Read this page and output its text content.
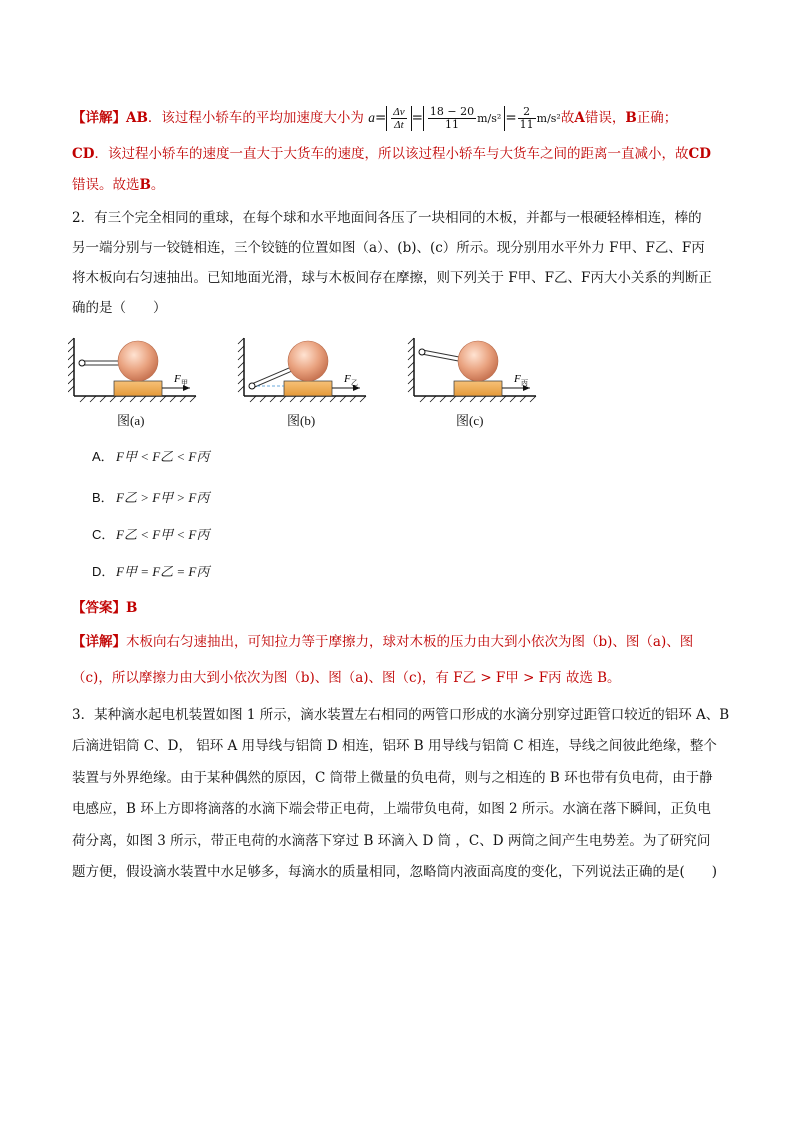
【详解】AB．该过程小轿车的平均加速度大小为 $a= \frac{\Delta v}{\Delta t} = \frac{18 - 20}{11} m/s^2 = \frac{2}{11} m/s^2$故A错误，B正确；
CD．该过程小轿车的速度一直大于大货车的速度，所以该过程小轿车与大货车之间的距离一直减小，故CD
错误。故选B。
2．有三个完全相同的重球，在每个球和水平地面间各压了一块相同的木板，并都与一根硬轻棒相连，棒的
另一端分别与一铰链相连，三个铰链的位置如图（a）、(b)、(c）所示。现分别用水平外力 F甲、F乙、F丙
将木板向右匀速抽出。已知地面光滑，球与木板间存在摩擦，则下列关于 F甲、F乙、F丙大小关系的判断正
确的是（　　）
F 甲	F 乙	F 丙
图(a)	图(b)	图(c)
A． F甲 < F乙 < F丙
B． F乙 > F甲 > F丙
C． F乙 < F甲 < F丙
D． F甲 = F乙 = F丙
【答案】B
【详解】木板向右匀速抽出，可知拉力等于摩擦力，球对木板的压力由大到小依次为图（b)、图（a)、图
（c)，所以摩擦力由大到小依次为图（b)、图（a)、图（c)，有 F乙 > F甲 > F丙 故选 B。
3．某种滴水起电机装置如图 1 所示，滴水装置左右相同的两管口形成的水滴分别穿过距管口较近的铝环 A、B
后滴进铝筒 C、D， 铝环 A 用导线与铝筒 D 相连，铝环 B 用导线与铝筒 C 相连，导线之间彼此绝缘，整个
装置与外界绝缘。由于某种偶然的原因，C 筒带上微量的负电荷，则与之相连的 B 环也带有负电荷，由于静
电感应，B 环上方即将滴落的水滴下端会带正电荷，上端带负电荷，如图 2 所示。水滴在落下瞬间，正负电
荷分离，如图 3 所示，带正电荷的水滴落下穿过 B 环滴入 D 筒 ，C、D 两筒之间产生电势差。为了研究问
题方便，假设滴水装置中水足够多，每滴水的质量相同，忽略筒内液面高度的变化，下列说法正确的是(　　)
